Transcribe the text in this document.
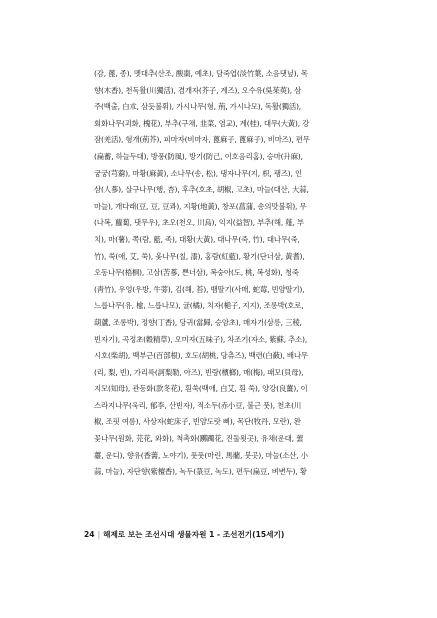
(감, 蓖, 종), 멧대추(산조, 酸棗, 예초), 담죽엽(淡竹葉, 소음댓닢), 목
향(木香), 천독활(川獨活), 겸개자(芥子, 계즈), 오수유(吳茱萸), 삼
주(백출, 白朮, 삼듯불휘), 가시나무(형, 荊, 가시나모), 독활(獨活),
회화나무(괴화, 槐花), 부추(구채, 韭菜, 염교), 계(桂), 대무(大黃), 강
잠(羌活), 형개(荊芥), 피마자(비마자, 蓖麻子, 蓖麻子), 비마즈), 편무
(扁蓄, 하늘두대), 방풍(防風), 방기(防己, 이호음리홈), 승마(升麻),
궁궁(芎藭), 마황(麻黃), 소나무(송, 松), 댕자나무(지, 枳, 팽즈), 인
삼(人蔘), 살구나무(행, 杏), 후추(호초, 胡椒, 고초), 마늘(대산, 大蒜,
마늘), 개다래(豆, 豆, 豆콰), 지황(地黃), 창포(菖蒲, 숑의맛불휘), 무
(나복, 蘿蔔, 댓무우), 초오(천오, 川烏), 익지(益智), 부추(해, 薤, 부
치), 마(薯), 쪽(람, 藍, 족), 대황(大黃), 대나무(죽, 竹), 대나무(죽,
竹), 쑥(애, 艾, 쑥), 옻나무(칠, 漆), 홍람(紅藍), 황기(단너삼, 黃耆),
오동나무(梧桐), 고삼(苦蔘, 쁜너삼), 복숭아(도, 桃, 복셩화), 청죽
(靑竹), 우엉(우방, 牛蒡), 김(해, 苔), 뱀딸기(사매, 蛇莓, 빈얌딸기),
느릅나무(유, 楡, 느릅나모), 귤(橘), 치자(梔子, 지지), 조롱박(호로,
葫蘆, 조롱박), 정향(丁香), 당귀(當歸, 승암초), 매자기(삼릉, 三稜,
빈자기), 곡정초(穀精草), 오미자(五味子), 차조기(자소, 紫蘇, 추소),
시호(柴胡), 백부근(百部根), 호도(胡桃, 당츄즈), 백련(白蘞), 배나무
(리, 梨, 빈), 가리륵(訶梨勒, 아즈), 빈랑(檳榔), 매(梅), 패모(貝母),
지모(知母), 관동화(款冬花), 흰쑥(백애, 白艾, 흰 쑥), 양강(良薑), 이
스라지나무(욱리, 郁李, 산빈자), 적소두(赤小豆, 불근 풋), 천초(川
椒, 조핏 여름), 사상자(蛇床子, 빈얌도랏 삐), 목단(牧丹, 모란), 완
꽃나무(원화, 芫花, 와화), 척촉화(躑躅花, 진둘욋곳), 유채(운대, 蕓
薹, 운디), 향유(香薷, 노야기), 풋풋(마린, 馬藺, 붓곳), 마늘(소산, 小
蒜, 마늘), 자단향(紫檀香), 녹두(菉豆, 녹도), 편두(扁豆, 벼변두), 황
24 | 해제로 보는 조선시대 생물자원 1 - 조선전기(15세기)
